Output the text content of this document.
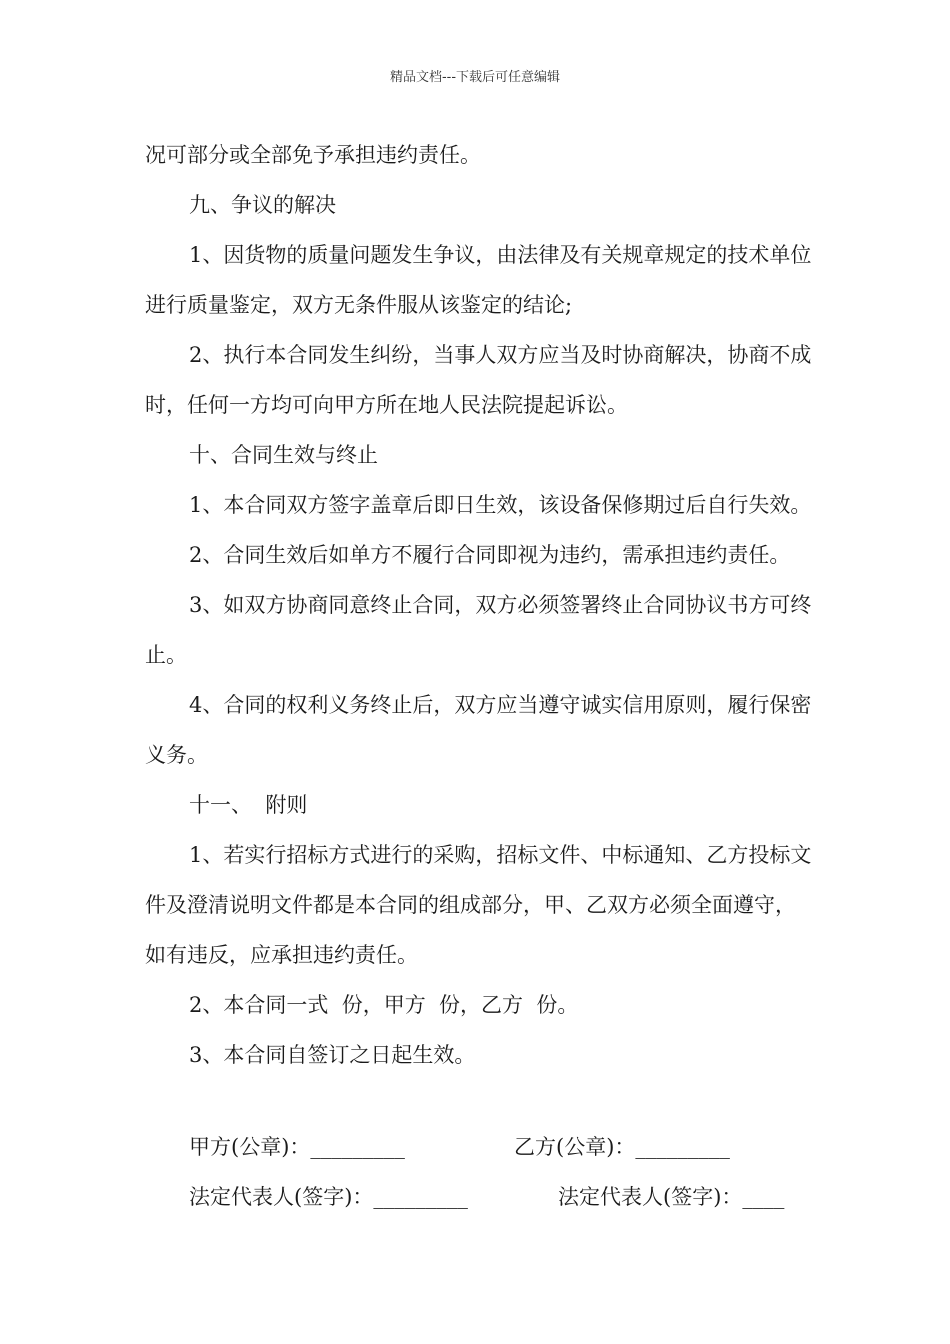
精品文档---下载后可任意编辑

况可部分或全部免予承担违约责任。

九、争议的解决

1、因货物的质量问题发生争议，由法律及有关规章规定的技术单位进行质量鉴定，双方无条件服从该鉴定的结论;

2、执行本合同发生纠纷，当事人双方应当及时协商解决，协商不成时，任何一方均可向甲方所在地人民法院提起诉讼。

十、合同生效与终止

1、本合同双方签字盖章后即日生效，该设备保修期过后自行失效。

2、合同生效后如单方不履行合同即视为违约，需承担违约责任。

3、如双方协商同意终止合同，双方必须签署终止合同协议书方可终止。

4、合同的权利义务终止后，双方应当遵守诚实信用原则，履行保密义务。

十一、  附则

1、若实行招标方式进行的采购，招标文件、中标通知、乙方投标文件及澄清说明文件都是本合同的组成部分，甲、乙双方必须全面遵守，如有违反，应承担违约责任。

2、本合同一式  份，甲方  份，乙方  份。

3、本合同自签订之日起生效。

甲方(公章)：_________	乙方(公章)：_________
法定代表人(签字)：_________	法定代表人(签字)：____
